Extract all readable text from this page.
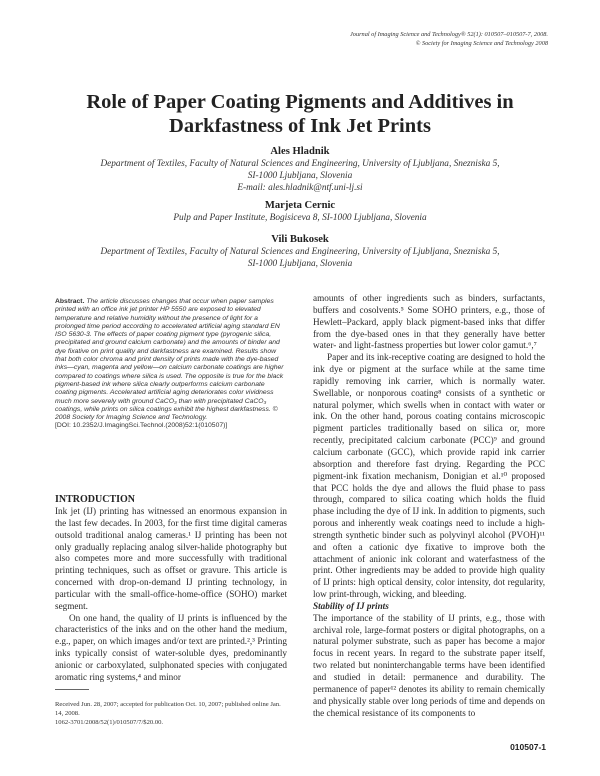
Journal of Imaging Science and Technology® 52(1): 010507–010507-7, 2008.
© Society for Imaging Science and Technology 2008
Role of Paper Coating Pigments and Additives in
Darkfastness of Ink Jet Prints
Ales Hladnik
Department of Textiles, Faculty of Natural Sciences and Engineering, University of Ljubljana, Snezniska 5,
SI-1000 Ljubljana, Slovenia
E-mail: ales.hladnik@ntf.uni-lj.si
Marjeta Cernic
Pulp and Paper Institute, Bogisiceva 8, SI-1000 Ljubljana, Slovenia
Vili Bukosek
Department of Textiles, Faculty of Natural Sciences and Engineering, University of Ljubljana, Snezniska 5,
SI-1000 Ljubljana, Slovenia
Abstract. The article discusses changes that occur when paper samples printed with an office ink jet printer HP 5550 are exposed to elevated temperature and relative humidity without the presence of light for a prolonged time period according to accelerated artificial aging standard EN ISO 5630-3. The effects of paper coating pigment type (pyrogenic silica, precipitated and ground calcium carbonate) and the amounts of binder and dye fixative on print quality and darkfastness are examined. Results show that both color chroma and print density of prints made with the dye-based inks—cyan, magenta and yellow—on calcium carbonate coatings are higher compared to coatings where silica is used. The opposite is true for the black pigment-based ink where silica clearly outperforms calcium carbonate coating pigments. Accelerated artificial aging deteriorates color vividness much more severely with ground CaCO₃ than with precipitated CaCO₃ coatings, while prints on silica coatings exhibit the highest darkfastness. © 2008 Society for Imaging Science and Technology.
[DOI: 10.2352/J.ImagingSci.Technol.(2008)52:1(010507)]
INTRODUCTION

Ink jet (IJ) printing has witnessed an enormous expansion in the last few decades. In 2003, for the first time digital cameras outsold traditional analog cameras.¹ IJ printing has been not only gradually replacing analog silver-halide photography but also competes more and more successfully with traditional printing techniques, such as offset or gravure. This article is concerned with drop-on-demand IJ printing technology, in particular with the small-office-home-office (SOHO) market segment.

On one hand, the quality of IJ prints is influenced by the characteristics of the inks and on the other hand the medium, e.g., paper, on which images and/or text are printed.²,³ Printing inks typically consist of water-soluble dyes, predominantly anionic or carboxylated, sulphonated species with conjugated aromatic ring systems,⁴ and minor

Received Jun. 28, 2007; accepted for publication Oct. 10, 2007; published online Jan. 14, 2008.
1062-3701/2008/52(1)/010507/7/$20.00.

amounts of other ingredients such as binders, surfactants, buffers and cosolvents.⁵ Some SOHO printers, e.g., those of Hewlett–Packard, apply black pigment-based inks that differ from the dye-based ones in that they generally have better water- and light-fastness properties but lower color gamut.⁶,⁷

Paper and its ink-receptive coating are designed to hold the ink dye or pigment at the surface while at the same time rapidly removing ink carrier, which is normally water. Swellable, or nonporous coating⁸ consists of a synthetic or natural polymer, which swells when in contact with water or ink. On the other hand, porous coating contains microscopic pigment particles traditionally based on silica or, more recently, precipitated calcium carbonate (PCC)⁹ and ground calcium carbonate (GCC), which provide rapid ink carrier absorption and therefore fast drying. Regarding the PCC pigment-ink fixation mechanism, Donigian et al.¹⁰ proposed that PCC holds the dye and allows the fluid phase to pass through, compared to silica coating which holds the fluid phase including the dye of IJ ink. In addition to pigments, such porous and inherently weak coatings need to include a high-strength synthetic binder such as polyvinyl alcohol (PVOH)¹¹ and often a cationic dye fixative to improve both the attachment of anionic ink colorant and waterfastness of the print. Other ingredients may be added to provide high quality of IJ prints: high optical density, color intensity, dot regularity, low print-through, wicking, and bleeding.

Stability of IJ prints

The importance of the stability of IJ prints, e.g., those with archival role, large-format posters or digital photographs, on a natural polymer substrate, such as paper has become a major focus in recent years. In regard to the substrate paper itself, two related but noninterchangable terms have been identified and studied in detail: permanence and durability. The permanence of paper¹² denotes its ability to remain chemically and physically stable over long periods of time and depends on the chemical resistance of its components to

010507-1
